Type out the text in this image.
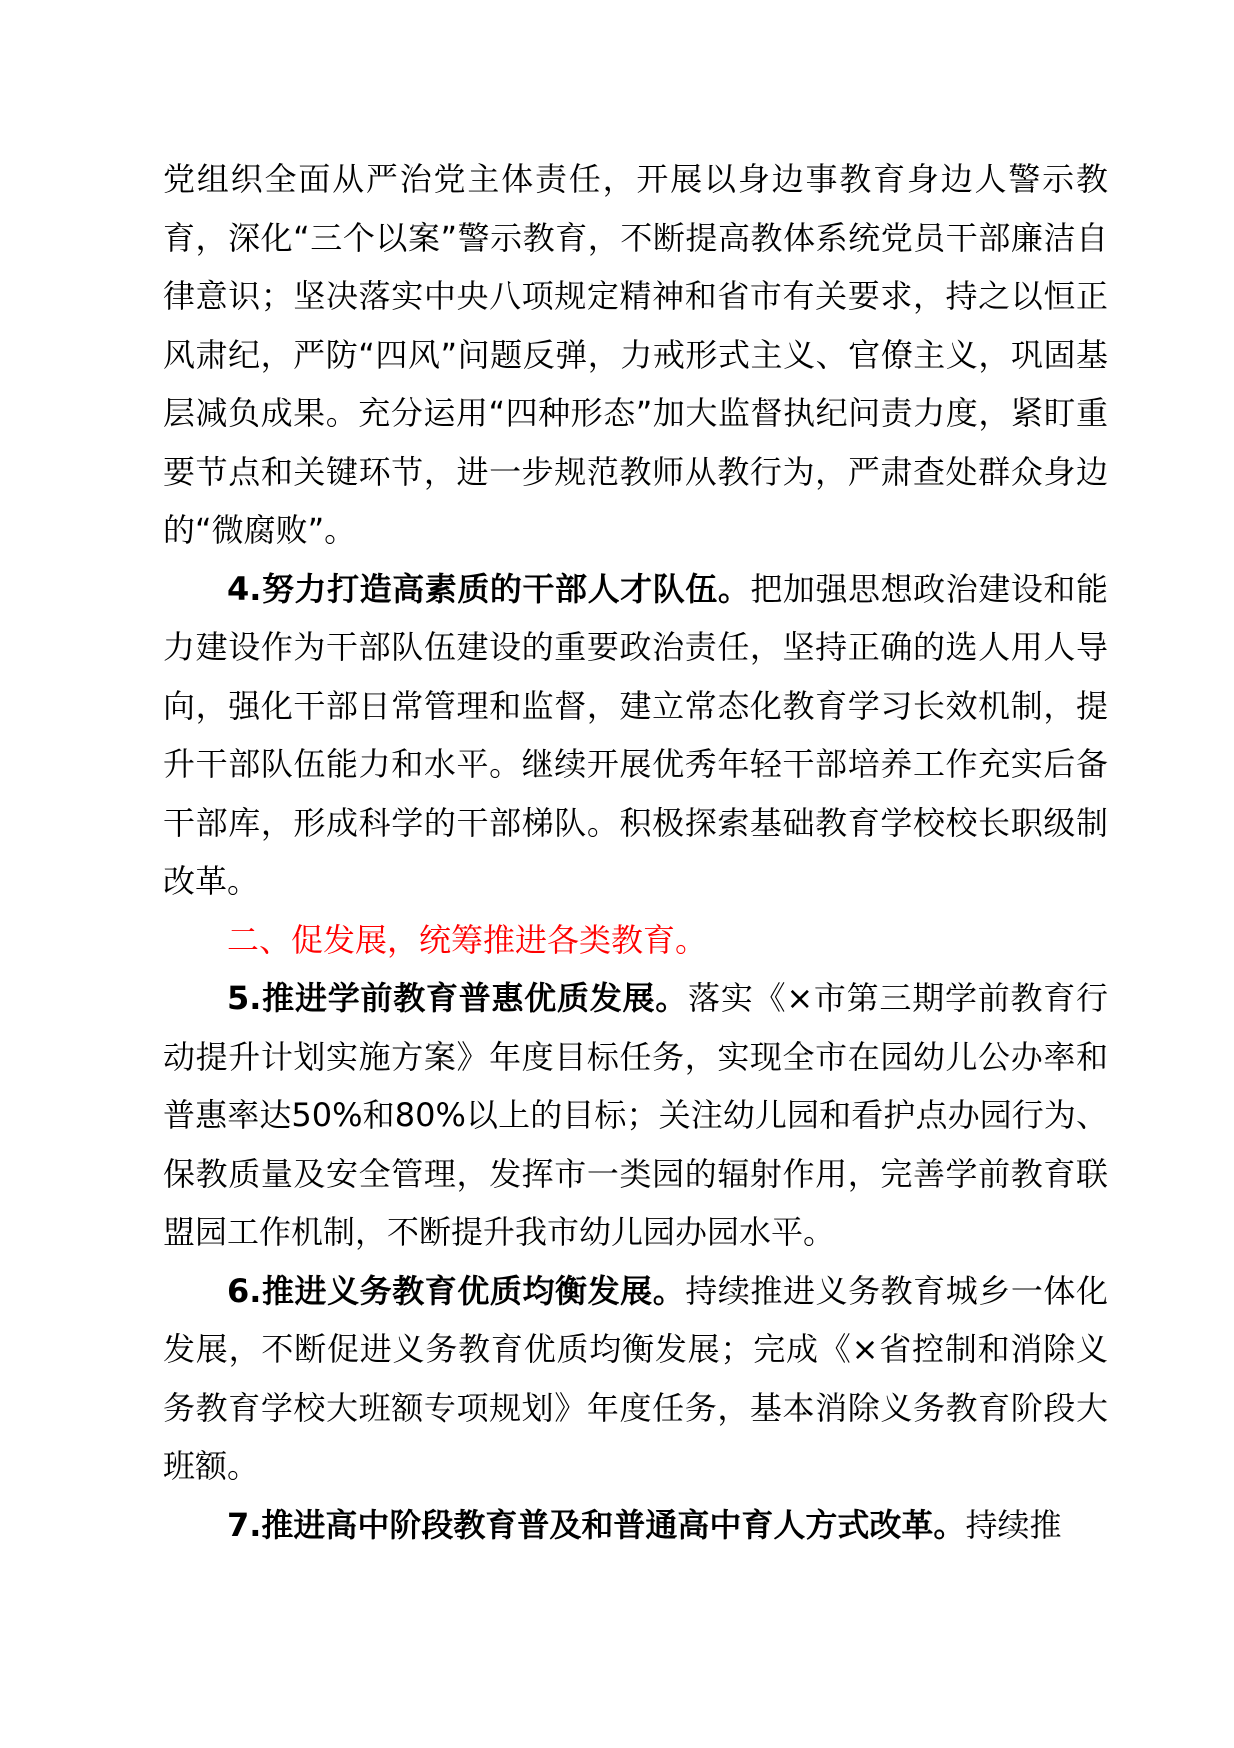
党组织全面从严治党主体责任，开展以身边事教育身边人警示教育，深化“三个以案”警示教育，不断提高教体系统党员干部廉洁自律意识；坚决落实中央八项规定精神和省市有关要求，持之以恒正风肃纪，严防“四风”问题反弹，力戒形式主义、官僚主义，巩固基层减负成果。充分运用“四种形态”加大监督执纪问责力度，紧盯重要节点和关键环节，进一步规范教师从教行为，严肃查处群众身边的“微腐败”。

4.努力打造高素质的干部人才队伍。把加强思想政治建设和能力建设作为干部队伍建设的重要政治责任，坚持正确的选人用人导向，强化干部日常管理和监督，建立常态化教育学习长效机制，提升干部队伍能力和水平。继续开展优秀年轻干部培养工作充实后备干部库，形成科学的干部梯队。积极探索基础教育学校校长职级制改革。

二、促发展，统筹推进各类教育。

5.推进学前教育普惠优质发展。落实《×市第三期学前教育行动提升计划实施方案》年度目标任务，实现全市在园幼儿公办率和普惠率达50%和80%以上的目标；关注幼儿园和看护点办园行为、保教质量及安全管理，发挥市一类园的辐射作用，完善学前教育联盟园工作机制，不断提升我市幼儿园办园水平。

6.推进义务教育优质均衡发展。持续推进义务教育城乡一体化发展，不断促进义务教育优质均衡发展；完成《×省控制和消除义务教育学校大班额专项规划》年度任务，基本消除义务教育阶段大班额。

7.推进高中阶段教育普及和普通高中育人方式改革。持续推
